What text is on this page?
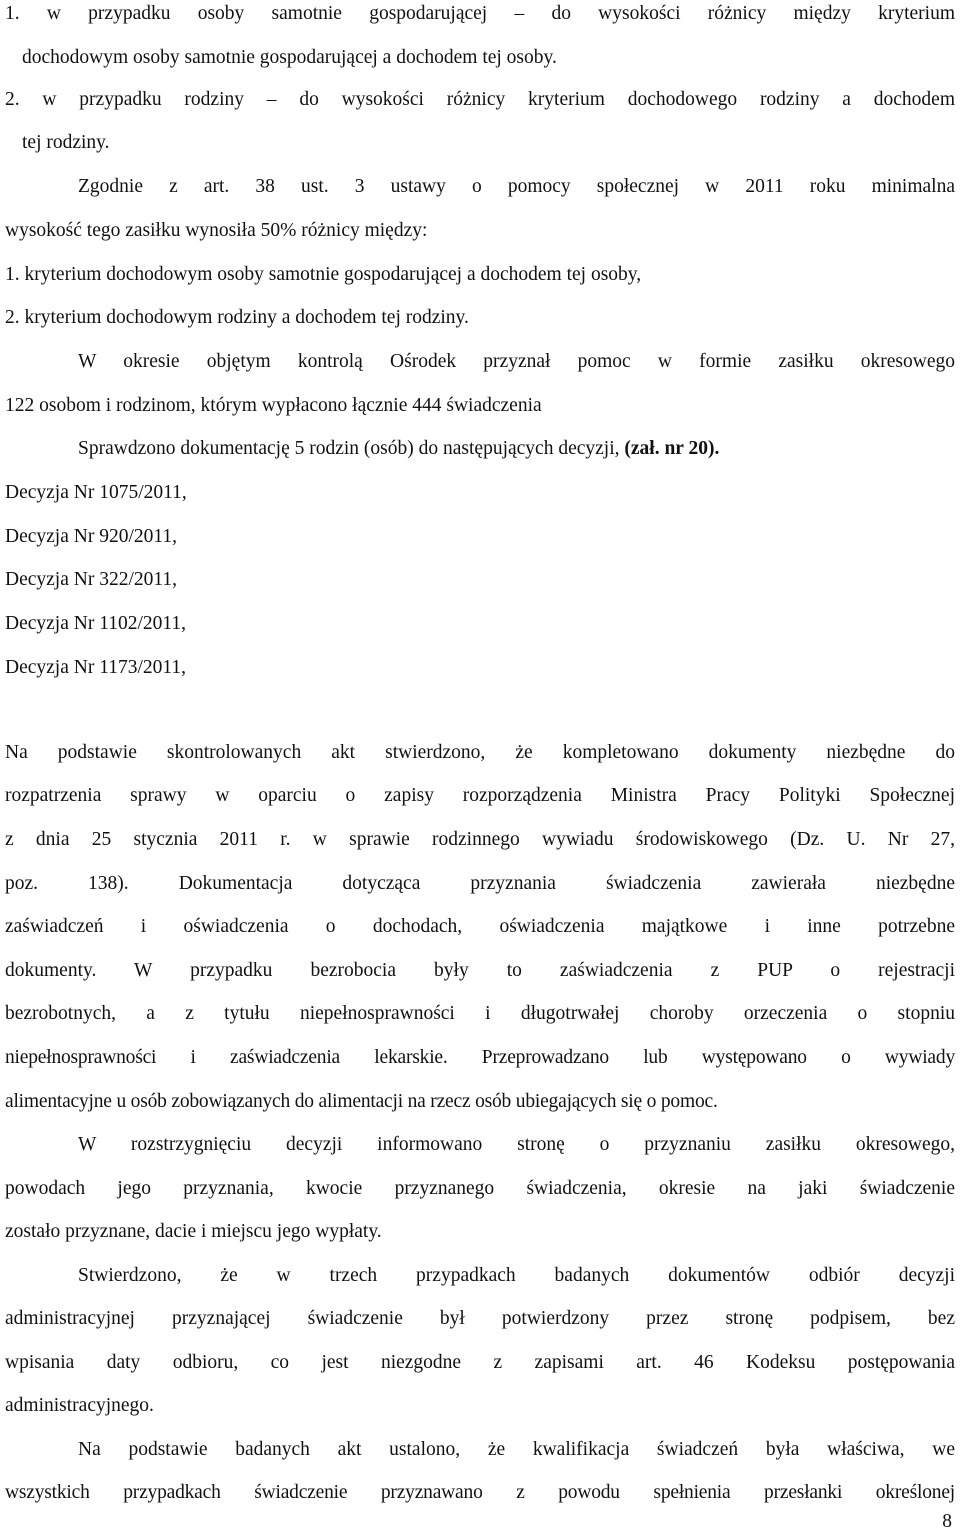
1. w przypadku osoby samotnie gospodarującej – do wysokości różnicy między kryterium
dochodowym osoby samotnie gospodarującej a dochodem tej osoby.
2. w przypadku rodziny – do wysokości różnicy kryterium dochodowego rodziny a dochodem
tej rodziny.
Zgodnie z art. 38 ust. 3 ustawy o pomocy społecznej w 2011 roku minimalna
wysokość tego zasiłku wynosiła 50% różnicy między:
1. kryterium dochodowym osoby samotnie gospodarującej a dochodem tej osoby,
2. kryterium dochodowym rodziny a dochodem tej rodziny.
W okresie objętym kontrolą Ośrodek przyznał pomoc w formie zasiłku okresowego
122 osobom i rodzinom, którym wypłacono łącznie 444 świadczenia
Sprawdzono dokumentację 5 rodzin (osób) do następujących decyzji, (zał. nr 20).
Decyzja Nr 1075/2011,
Decyzja Nr 920/2011,
Decyzja Nr 322/2011,
Decyzja Nr 1102/2011,
Decyzja Nr 1173/2011,
Na podstawie skontrolowanych akt stwierdzono, że kompletowano dokumenty niezbędne do
rozpatrzenia sprawy w oparciu o zapisy rozporządzenia Ministra Pracy Polityki Społecznej
z dnia 25 stycznia 2011 r. w sprawie rodzinnego wywiadu środowiskowego (Dz. U. Nr 27,
poz. 138). Dokumentacja dotycząca przyznania świadczenia zawierała niezbędne
zaświadczeń i oświadczenia o dochodach, oświadczenia majątkowe i inne potrzebne
dokumenty. W przypadku bezrobocia były to zaświadczenia z PUP o rejestracji
bezrobotnych, a z tytułu niepełnosprawności i długotrwałej choroby orzeczenia o stopniu
niepełnosprawności i zaświadczenia lekarskie. Przeprowadzano lub występowano o wywiady
alimentacyjne u osób zobowiązanych do alimentacji na rzecz osób ubiegających się o pomoc.
W rozstrzygnięciu decyzji informowano stronę o przyznaniu zasiłku okresowego,
powodach jego przyznania, kwocie przyznanego świadczenia, okresie na jaki świadczenie
zostało przyznane, dacie i miejscu jego wypłaty.
Stwierdzono, że w trzech przypadkach badanych dokumentów odbiór decyzji
administracyjnej przyznającej świadczenie był potwierdzony przez stronę podpisem, bez
wpisania daty odbioru, co jest niezgodne z zapisami art. 46 Kodeksu postępowania
administracyjnego.
Na podstawie badanych akt ustalono, że kwalifikacja świadczeń była właściwa, we
wszystkich przypadkach świadczenie przyznawano z powodu spełnienia przesłanki określonej
8
